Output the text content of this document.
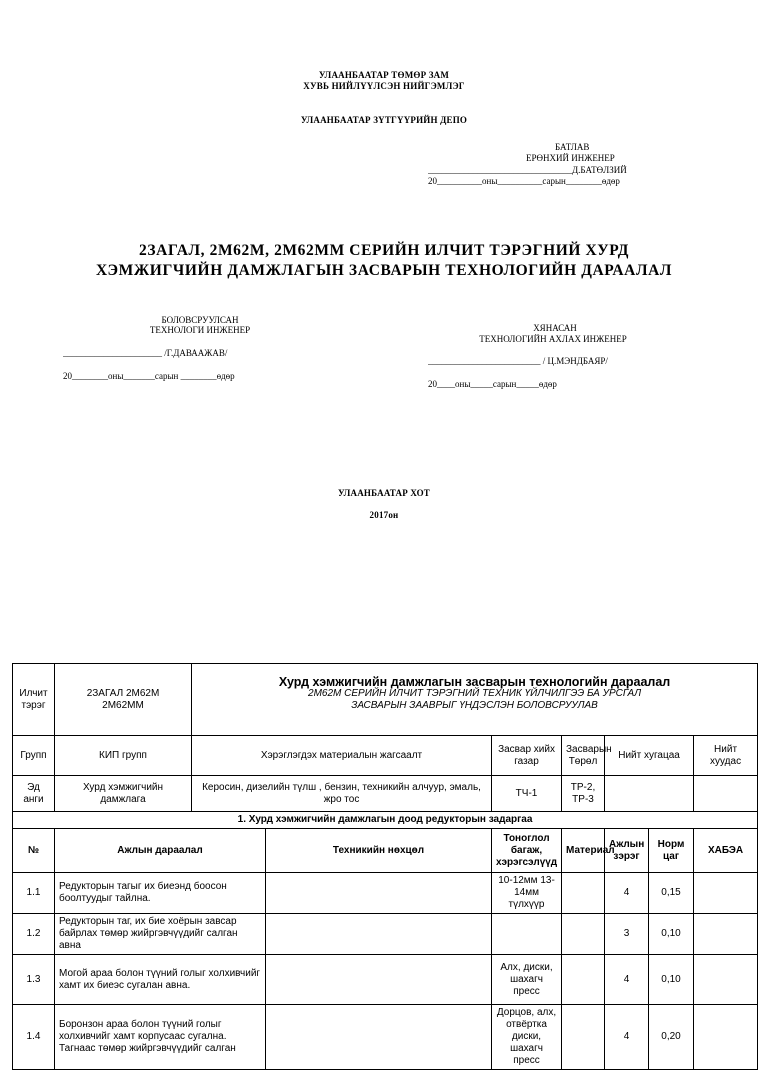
УЛААНБААТАР ТӨМӨР ЗАМ
ХУВЬ НИЙЛҮҮЛСЭН НИЙГЭМЛЭГ
УЛААНБААТАР ЗҮТГҮҮРИЙН ДЕПО
БАТЛАВ
ЕРӨНХИЙ ИНЖЕНЕР
________________________________Д.БАТӨЛЗИЙ
20__________оны__________сарын________өдөр
2ЗАГАЛ, 2М62М, 2М62ММ СЕРИЙН ИЛЧИТ ТЭРЭГНИЙ ХУРД
ХЭМЖИГЧИЙН ДАМЖЛАГЫН ЗАСВАРЫН ТЕХНОЛОГИЙН ДАРААЛАЛ
БОЛОВСРУУЛСАН
ТЕХНОЛОГИ ИНЖЕНЕР
______________________ /Г.ДАВААЖАВ/
20________оны_______сарын ________өдөр
ХЯНАСАН
ТЕХНОЛОГИЙН АХЛАХ ИНЖЕНЕР
_________________________ / Ц.МЭНДБАЯР/
20____оны_____сарын_____өдөр
УЛААНБААТАР ХОТ
2017он
Илчит тэрэг	2ЗАГАЛ 2М62М 2М62ММ	Хурд хэмжигчийн дамжлагын засварын технологийн дараалал
2М62М СЕРИЙН ИЛЧИТ ТЭРЭГНИЙ ТЕХНИК ҮЙЛЧИЛГЭЭ БА УРСГАЛ
ЗАСВАРЫН ЗААВРЫГ ҮНДЭСЛЭН БОЛОВСРУУЛАВ						

Групп	КИП групп	Хэрэглэгдэх материалын жагсаалт		Засвар хийх газар	Засварын Төрөл	Нийт хугацаа		Нийт хуудас
Эд анги	Хурд хэмжигчийн дамжлага	Керосин, дизелийн түлш , бензин, техникийн алчуур, эмаль, жро тос		ТЧ-1	ТР-2, ТР-3			
1. Хурд хэмжигчийн дамжлагын доод редукторын задаргаа								
№	Ажлын дараалал		Техникийн нөхцөл	Тоноглол багаж, хэрэгсэлүүд	Материал	Ажлын зэрэг	Норм цаг	ХАБЭА
1.1	Редукторын тагыг их биеэнд боосон боолтуудыг тайлна.			10-12мм 13-14мм түлхүүр		4	0,15	
1.2	Редукторын таг, их бие хоёрын завсар байрлах төмөр жийргэвчүүдийг салган авна					3	0,10	
1.3	Могой араа болон түүний голыг холхивчийг хамт их биеэс сугалан авна.			Алх, диски, шахагч пресс		4	0,10	
1.4	Боронзон араа болон түүний голыг холхивчийг хамт корпусаас сугална. Тагнаас төмөр жийргэвчүүдийг салган			Дорцов, алх, отвёртка диски, шахагч пресс		4	0,20	
